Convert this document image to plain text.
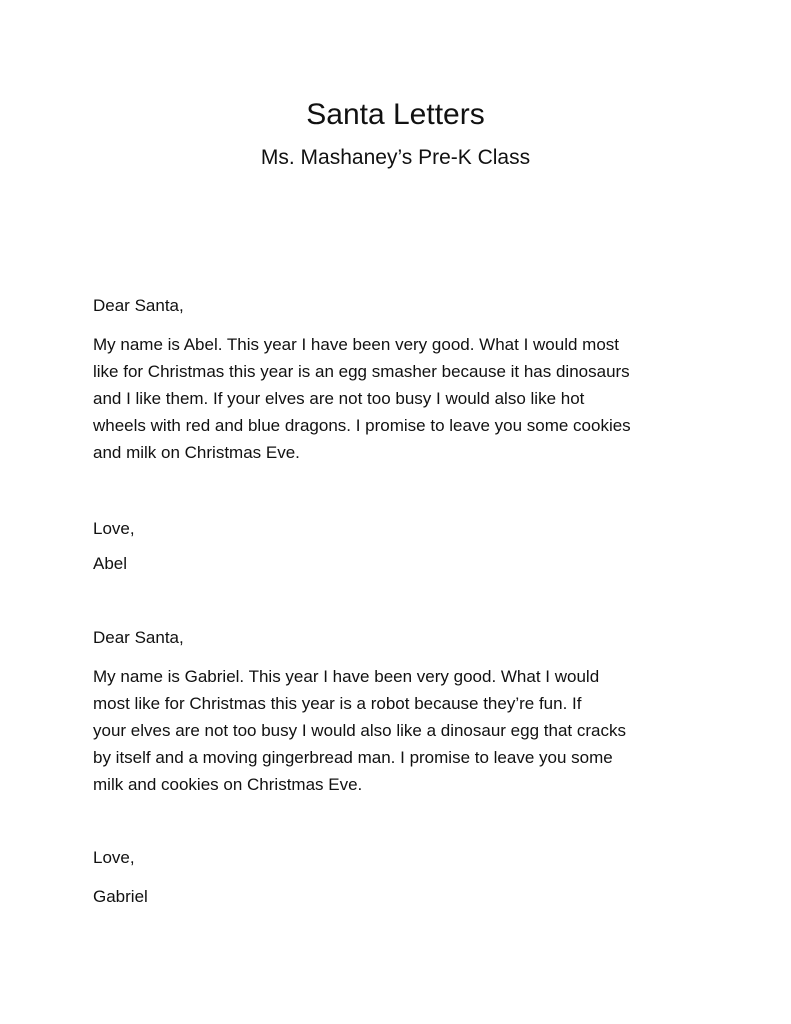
Santa Letters
Ms. Mashaney’s Pre-K Class
Dear Santa,
My name is Abel. This year I have been very good. What I would most
like for Christmas this year is an egg smasher because it has dinosaurs
and I like them. If your elves are not too busy I would also like hot
wheels with red and blue dragons. I promise to leave you some cookies
and milk on Christmas Eve.
Love,
Abel
Dear Santa,
My name is Gabriel. This year I have been very good. What I would
most like for Christmas this year is a robot because they’re fun. If
your elves are not too busy I would also like a dinosaur egg that cracks
by itself and a moving gingerbread man. I promise to leave you some
milk and cookies on Christmas Eve.
Love,
Gabriel
